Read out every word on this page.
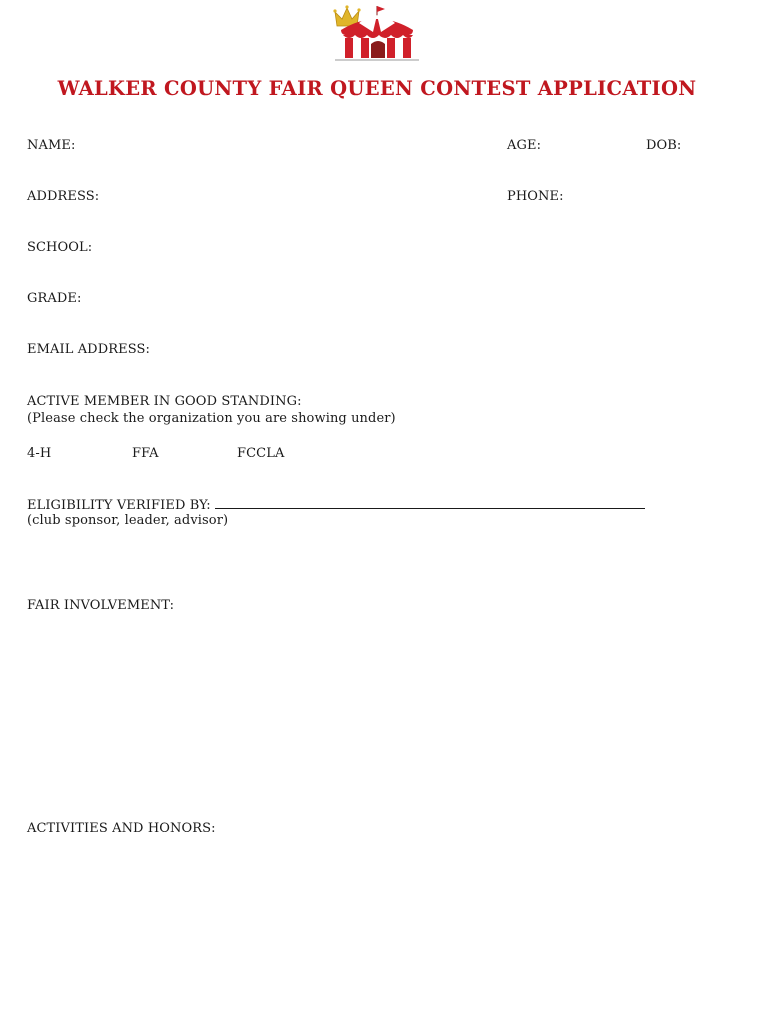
WALKER COUNTY FAIR QUEEN CONTEST APPLICATION
NAME:	AGE:	DOB:
ADDRESS:	PHONE:
SCHOOL:
GRADE:
EMAIL ADDRESS:
ACTIVE MEMBER IN GOOD STANDING:
(Please check the organization you are showing under)
4-H	FFA	FCCLA
ELIGIBILITY VERIFIED BY:
(club sponsor, leader, advisor)
FAIR INVOLVEMENT:
ACTIVITIES AND HONORS:
